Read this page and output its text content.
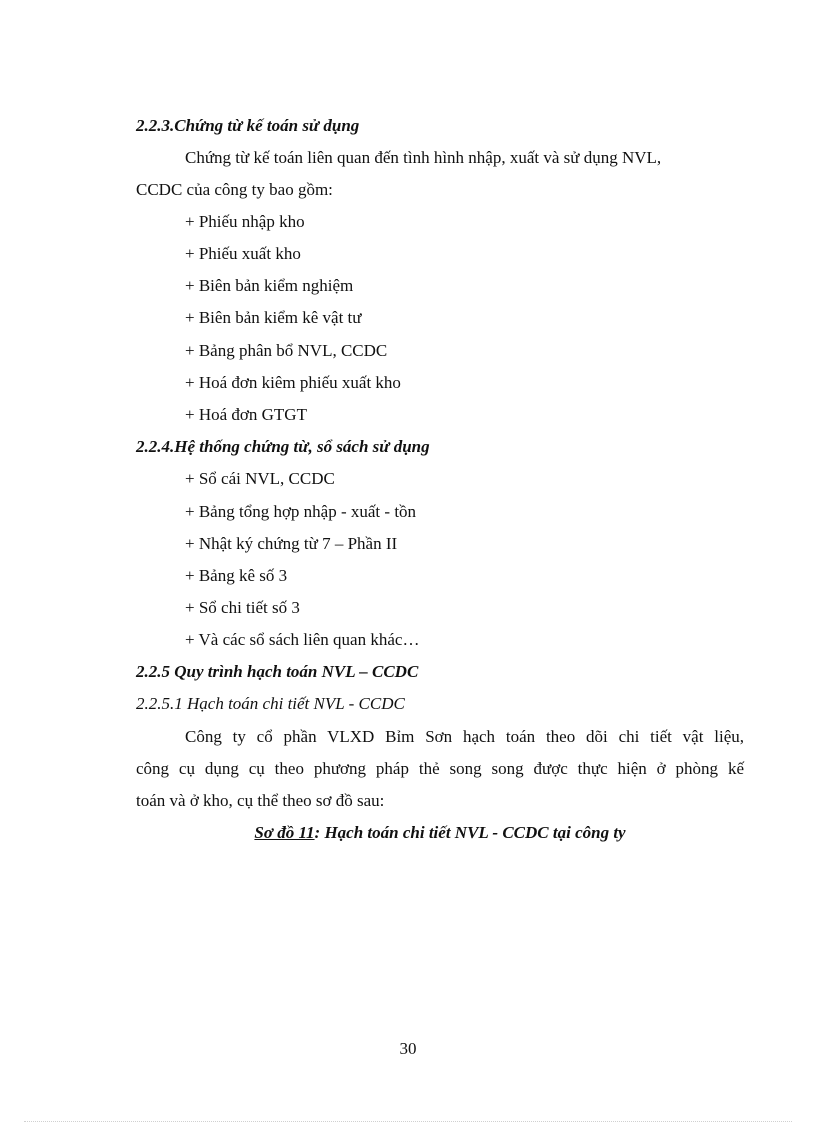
2.2.3.Chứng từ kế toán sử dụng
Chứng từ kế toán liên quan đến tình hình nhập, xuất và sử dụng NVL,
CCDC của công ty bao gồm:
+ Phiếu nhập kho
+ Phiếu xuất kho
+ Biên bản kiểm nghiệm
+ Biên bản kiểm kê vật tư
+ Bảng phân bổ NVL, CCDC
+ Hoá đơn kiêm phiếu xuất kho
+ Hoá đơn GTGT
2.2.4.Hệ thống chứng từ, sổ sách sử dụng
+ Sổ cái NVL, CCDC
+ Bảng tổng hợp nhập - xuất - tồn
+ Nhật ký chứng từ 7 – Phần II
+ Bảng kê số 3
+ Sổ chi tiết số 3
+ Và các sổ sách liên quan khác…
2.2.5 Quy trình hạch toán NVL – CCDC
2.2.5.1 Hạch toán chi tiết NVL - CCDC
Công ty cổ phần VLXD Bỉm Sơn hạch toán theo dõi chi tiết vật liệu,
công cụ dụng cụ theo phương pháp thẻ song song được thực hiện ở phòng kế
toán và ở kho, cụ thể theo sơ đồ sau:
Sơ đồ 11: Hạch toán chi tiết NVL - CCDC tại công ty
30
